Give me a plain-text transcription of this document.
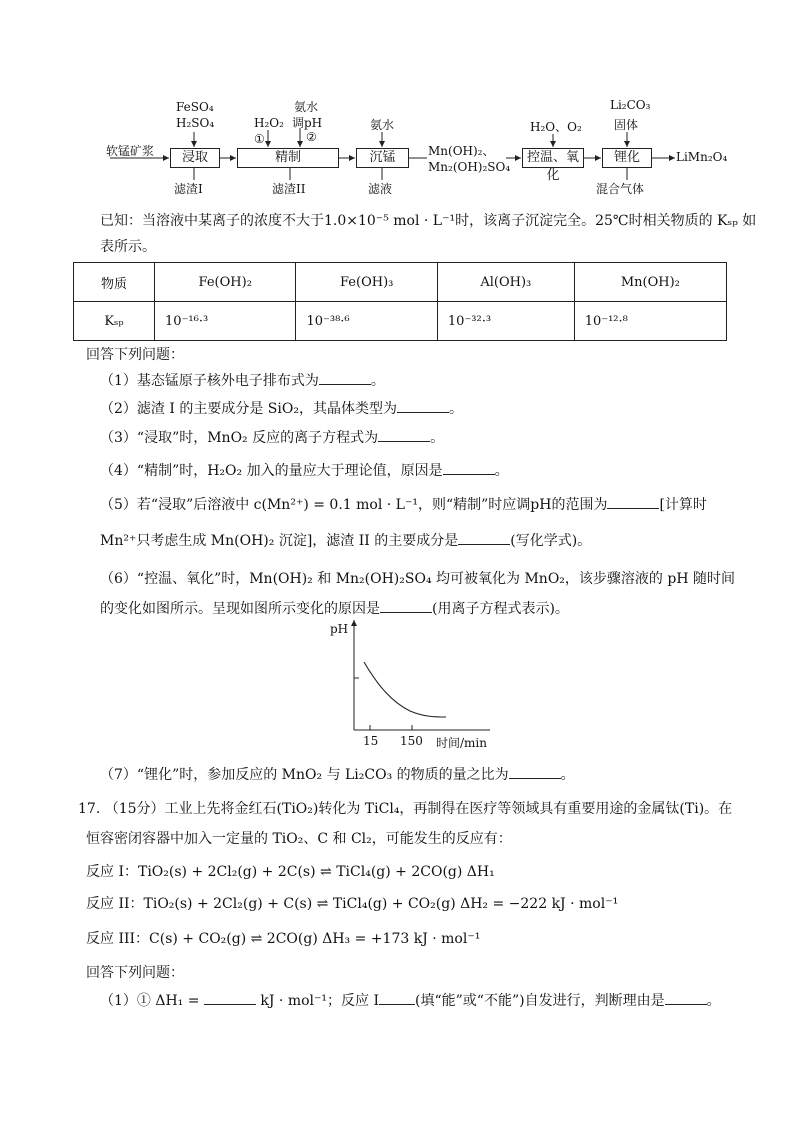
软锰矿浆
FeSO₄
H₂SO₄
浸取
滤渣I
H₂O₂
①
氨水
调pH
②
精制
滤渣II
氨水
沉锰
滤液
Mn(OH)₂、
Mn₂(OH)₂SO₄
H₂O、O₂
控温、氧化
Li₂CO₃
固体
锂化
混合气体
LiMn₂O₄
已知：当溶液中某离子的浓度不大于1.0×10⁻⁵ mol · L⁻¹时，该离子沉淀完全。25℃时相关物质的 Kₛₚ 如
表所示。
物质	Fe(OH)₂	Fe(OH)₃	Al(OH)₃	Mn(OH)₂
Kₛₚ	10⁻¹⁶·³	10⁻³⁸·⁶	10⁻³²·³	10⁻¹²·⁸
回答下列问题：
（1）基态锰原子核外电子排布式为	。
（2）滤渣 I 的主要成分是 SiO₂，其晶体类型为	。
（3）“浸取”时，MnO₂ 反应的离子方程式为	。
（4）“精制”时，H₂O₂ 加入的量应大于理论值，原因是	。
（5）若“浸取”后溶液中 c(Mn²⁺) = 0.1 mol · L⁻¹，则“精制”时应调pH的范围为	[计算时
Mn²⁺只考虑生成 Mn(OH)₂ 沉淀]，滤渣 II 的主要成分是	(写化学式)。
（6）“控温、氧化”时，Mn(OH)₂ 和 Mn₂(OH)₂SO₄ 均可被氧化为 MnO₂，该步骤溶液的 pH 随时间
的变化如图所示。呈现如图所示变化的原因是	(用离子方程式表示)。
pH
15 150 时间/min
（7）“锂化”时，参加反应的 MnO₂ 与 Li₂CO₃ 的物质的量之比为	。
17. （15分）工业上先将金红石(TiO₂)转化为 TiCl₄，再制得在医疗等领域具有重要用途的金属钛(Ti)。在
恒容密闭容器中加入一定量的 TiO₂、C 和 Cl₂，可能发生的反应有：
反应 I：TiO₂(s) + 2Cl₂(g) + 2C(s) ⇌ TiCl₄(g) + 2CO(g) ΔH₁
反应 II：TiO₂(s) + 2Cl₂(g) + C(s) ⇌ TiCl₄(g) + CO₂(g) ΔH₂ = −222 kJ · mol⁻¹
反应 III：C(s) + CO₂(g) ⇌ 2CO(g) ΔH₃ = +173 kJ · mol⁻¹
回答下列问题：
（1）① ΔH₁ =	kJ · mol⁻¹；反应 I	(填“能”或“不能”)自发进行，判断理由是	。
